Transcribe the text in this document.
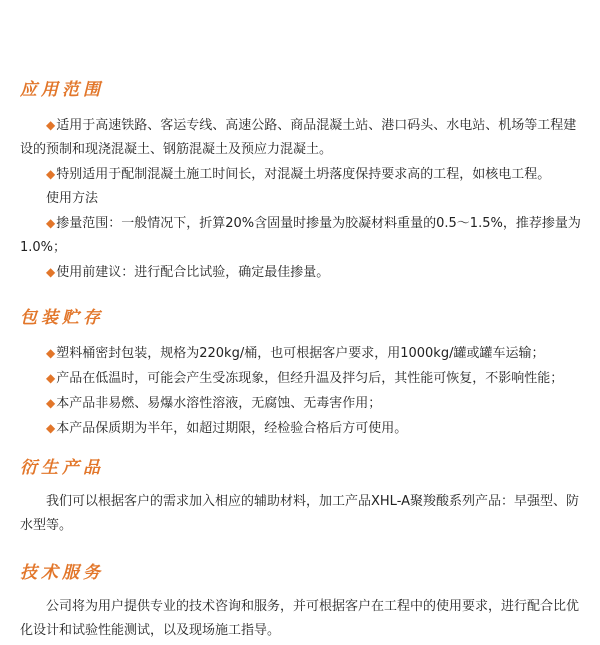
应用范围
◆适用于高速铁路、客运专线、高速公路、商品混凝土站、港口码头、水电站、机场等工程建设的预制和现浇混凝土、钢筋混凝土及预应力混凝土。
◆特别适用于配制混凝土施工时间长，对混凝土坍落度保持要求高的工程，如核电工程。
使用方法
◆掺量范围：一般情况下，折算20%含固量时掺量为胶凝材料重量的0.5～1.5%，推荐掺量为1.0%；
◆使用前建议：进行配合比试验，确定最佳掺量。
包装贮存
◆塑料桶密封包装，规格为220kg/桶，也可根据客户要求，用1000kg/罐或罐车运输；
◆产品在低温时，可能会产生受冻现象，但经升温及拌匀后，其性能可恢复，不影响性能；
◆本产品非易燃、易爆水溶性溶液，无腐蚀、无毒害作用；
◆本产品保质期为半年，如超过期限，经检验合格后方可使用。
衍生产品

我们可以根据客户的需求加入相应的辅助材料，加工产品XHL-A聚羧酸系列产品：早强型、防水型等。

技术服务

公司将为用户提供专业的技术咨询和服务，并可根据客户在工程中的使用要求，进行配合比优化设计和试验性能测试，以及现场施工指导。
